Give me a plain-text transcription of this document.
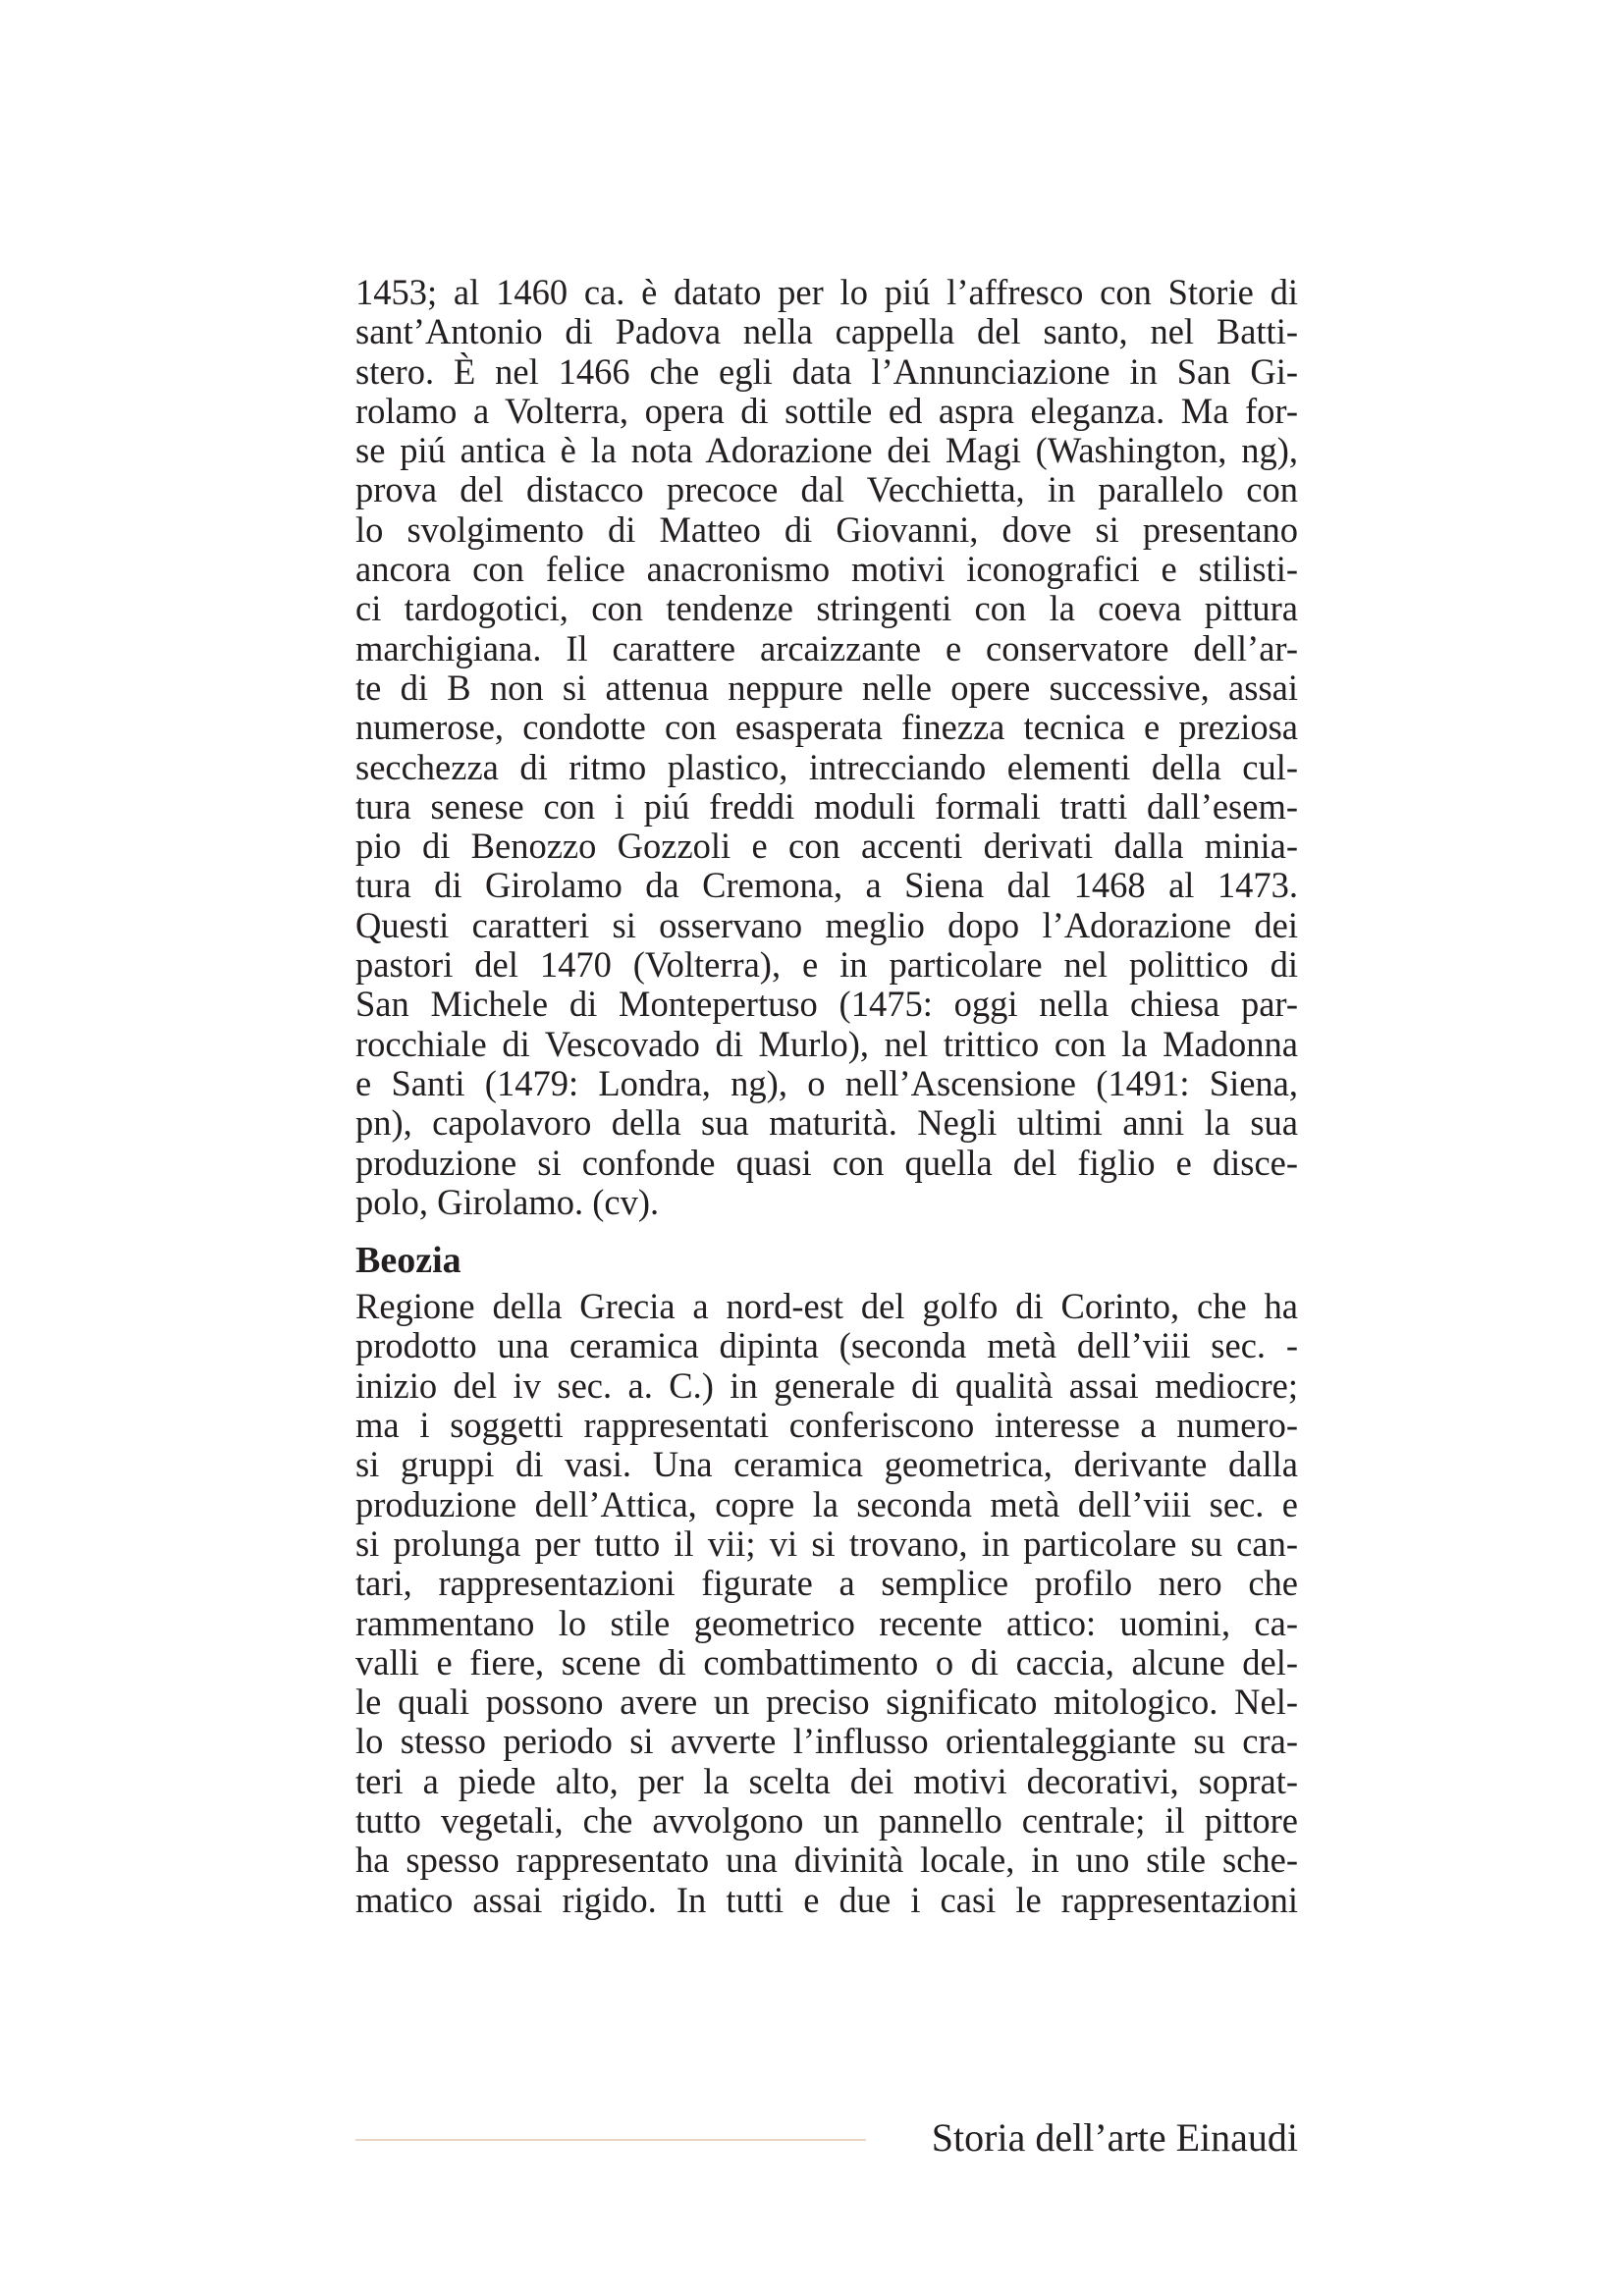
1453; al 1460 ca. è datato per lo piú l’affresco con Storie di
sant’Antonio di Padova nella cappella del santo, nel Batti-
stero. È nel 1466 che egli data l’Annunciazione in San Gi-
rolamo a Volterra, opera di sottile ed aspra eleganza. Ma for-
se piú antica è la nota Adorazione dei Magi (Washington, ng),
prova del distacco precoce dal Vecchietta, in parallelo con
lo svolgimento di Matteo di Giovanni, dove si presentano
ancora con felice anacronismo motivi iconografici e stilisti-
ci tardogotici, con tendenze stringenti con la coeva pittura
marchigiana. Il carattere arcaizzante e conservatore dell’ar-
te di B non si attenua neppure nelle opere successive, assai
numerose, condotte con esasperata finezza tecnica e preziosa
secchezza di ritmo plastico, intrecciando elementi della cul-
tura senese con i piú freddi moduli formali tratti dall’esem-
pio di Benozzo Gozzoli e con accenti derivati dalla minia-
tura di Girolamo da Cremona, a Siena dal 1468 al 1473.
Questi caratteri si osservano meglio dopo l’Adorazione dei
pastori del 1470 (Volterra), e in particolare nel polittico di
San Michele di Montepertuso (1475: oggi nella chiesa par-
rocchiale di Vescovado di Murlo), nel trittico con la Madonna
e Santi (1479: Londra, ng), o nell’Ascensione (1491: Siena,
pn), capolavoro della sua maturità. Negli ultimi anni la sua
produzione si confonde quasi con quella del figlio e disce-
polo, Girolamo. (cv).
Beozia
Regione della Grecia a nord-est del golfo di Corinto, che ha
prodotto una ceramica dipinta (seconda metà dell’viii sec. -
inizio del iv sec. a. C.) in generale di qualità assai mediocre;
ma i soggetti rappresentati conferiscono interesse a numero-
si gruppi di vasi. Una ceramica geometrica, derivante dalla
produzione dell’Attica, copre la seconda metà dell’viii sec. e
si prolunga per tutto il vii; vi si trovano, in particolare su can-
tari, rappresentazioni figurate a semplice profilo nero che
rammentano lo stile geometrico recente attico: uomini, ca-
valli e fiere, scene di combattimento o di caccia, alcune del-
le quali possono avere un preciso significato mitologico. Nel-
lo stesso periodo si avverte l’influsso orientaleggiante su cra-
teri a piede alto, per la scelta dei motivi decorativi, soprat-
tutto vegetali, che avvolgono un pannello centrale; il pittore
ha spesso rappresentato una divinità locale, in uno stile sche-
matico assai rigido. In tutti e due i casi le rappresentazioni
Storia dell’arte Einaudi
